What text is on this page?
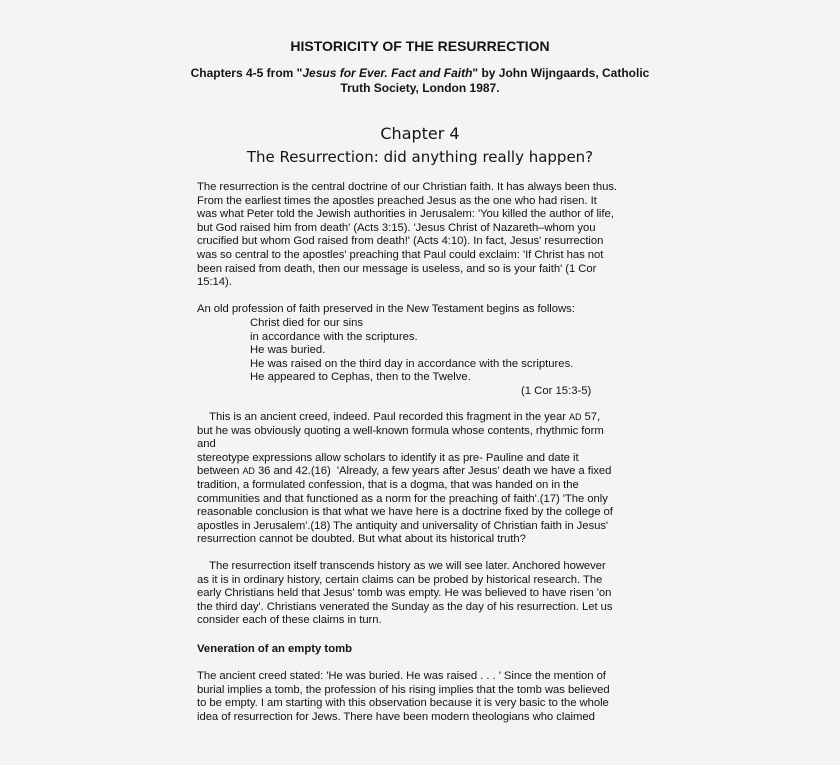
HISTORICITY OF THE RESURRECTION
Chapters 4-5 from "Jesus for Ever. Fact and Faith" by John Wijngaards, Catholic
Truth Society, London 1987.
Chapter 4
The Resurrection: did anything really happen?
The resurrection is the central doctrine of our Christian faith. It has always been thus.
From the earliest times the apostles preached Jesus as the one who had risen. It
was what Peter told the Jewish authorities in Jerusalem: 'You killed the author of life,
but God raised him from death' (Acts 3:15). 'Jesus Christ of Nazareth–whom you
crucified but whom God raised from death!' (Acts 4:10). In fact, Jesus' resurrection
was so central to the apostles' preaching that Paul could exclaim: 'If Christ has not
been raised from death, then our message is useless, and so is your faith' (1 Cor
15:14).
An old profession of faith preserved in the New Testament begins as follows:
Christ died for our sins
in accordance with the scriptures.
He was buried.
He was raised on the third day in accordance with the scriptures.
He appeared to Cephas, then to the Twelve.
(1 Cor 15:3-5)
This is an ancient creed, indeed. Paul recorded this fragment in the year AD 57,
but he was obviously quoting a well-known formula whose contents, rhythmic form
and
stereotype expressions allow scholars to identify it as pre- Pauline and date it
between AD 36 and 42.(16)  'Already, a few years after Jesus' death we have a fixed
tradition, a formulated confession, that is a dogma, that was handed on in the
communities and that functioned as a norm for the preaching of faith'.(17) 'The only
reasonable conclusion is that what we have here is a doctrine fixed by the college of
apostles in Jerusalem'.(18) The antiquity and universality of Christian faith in Jesus'
resurrection cannot be doubted. But what about its historical truth?
The resurrection itself transcends history as we will see later. Anchored however
as it is in ordinary history, certain claims can be probed by historical research. The
early Christians held that Jesus' tomb was empty. He was believed to have risen 'on
the third day'. Christians venerated the Sunday as the day of his resurrection. Let us
consider each of these claims in turn.
Veneration of an empty tomb
The ancient creed stated: 'He was buried. He was raised . . . ' Since the mention of
burial implies a tomb, the profession of his rising implies that the tomb was believed
to be empty. I am starting with this observation because it is very basic to the whole
idea of resurrection for Jews. There have been modern theologians who claimed
